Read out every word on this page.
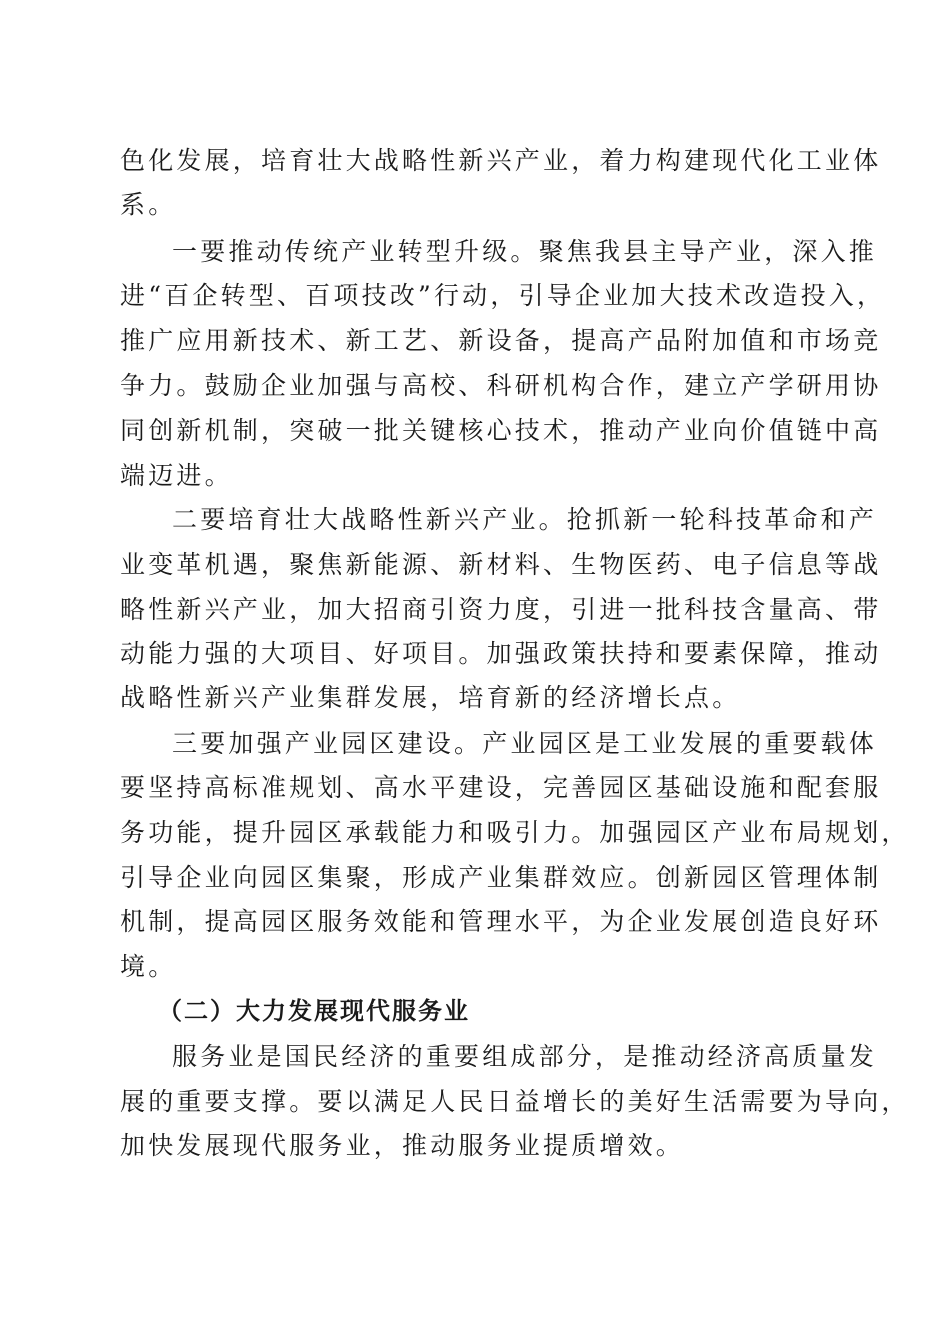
色化发展，培育壮大战略性新兴产业，着力构建现代化工业体
系。
一要推动传统产业转型升级。聚焦我县主导产业，深入推
进“百企转型、百项技改”行动，引导企业加大技术改造投入，
推广应用新技术、新工艺、新设备，提高产品附加值和市场竞
争力。鼓励企业加强与高校、科研机构合作，建立产学研用协
同创新机制，突破一批关键核心技术，推动产业向价值链中高
端迈进。
二要培育壮大战略性新兴产业。抢抓新一轮科技革命和产
业变革机遇，聚焦新能源、新材料、生物医药、电子信息等战
略性新兴产业，加大招商引资力度，引进一批科技含量高、带
动能力强的大项目、好项目。加强政策扶持和要素保障，推动
战略性新兴产业集群发展，培育新的经济增长点。
三要加强产业园区建设。产业园区是工业发展的重要载体
要坚持高标准规划、高水平建设，完善园区基础设施和配套服
务功能，提升园区承载能力和吸引力。加强园区产业布局规划，
引导企业向园区集聚，形成产业集群效应。创新园区管理体制
机制，提高园区服务效能和管理水平，为企业发展创造良好环
境。
（二）大力发展现代服务业
服务业是国民经济的重要组成部分，是推动经济高质量发
展的重要支撑。要以满足人民日益增长的美好生活需要为导向，
加快发展现代服务业，推动服务业提质增效。
